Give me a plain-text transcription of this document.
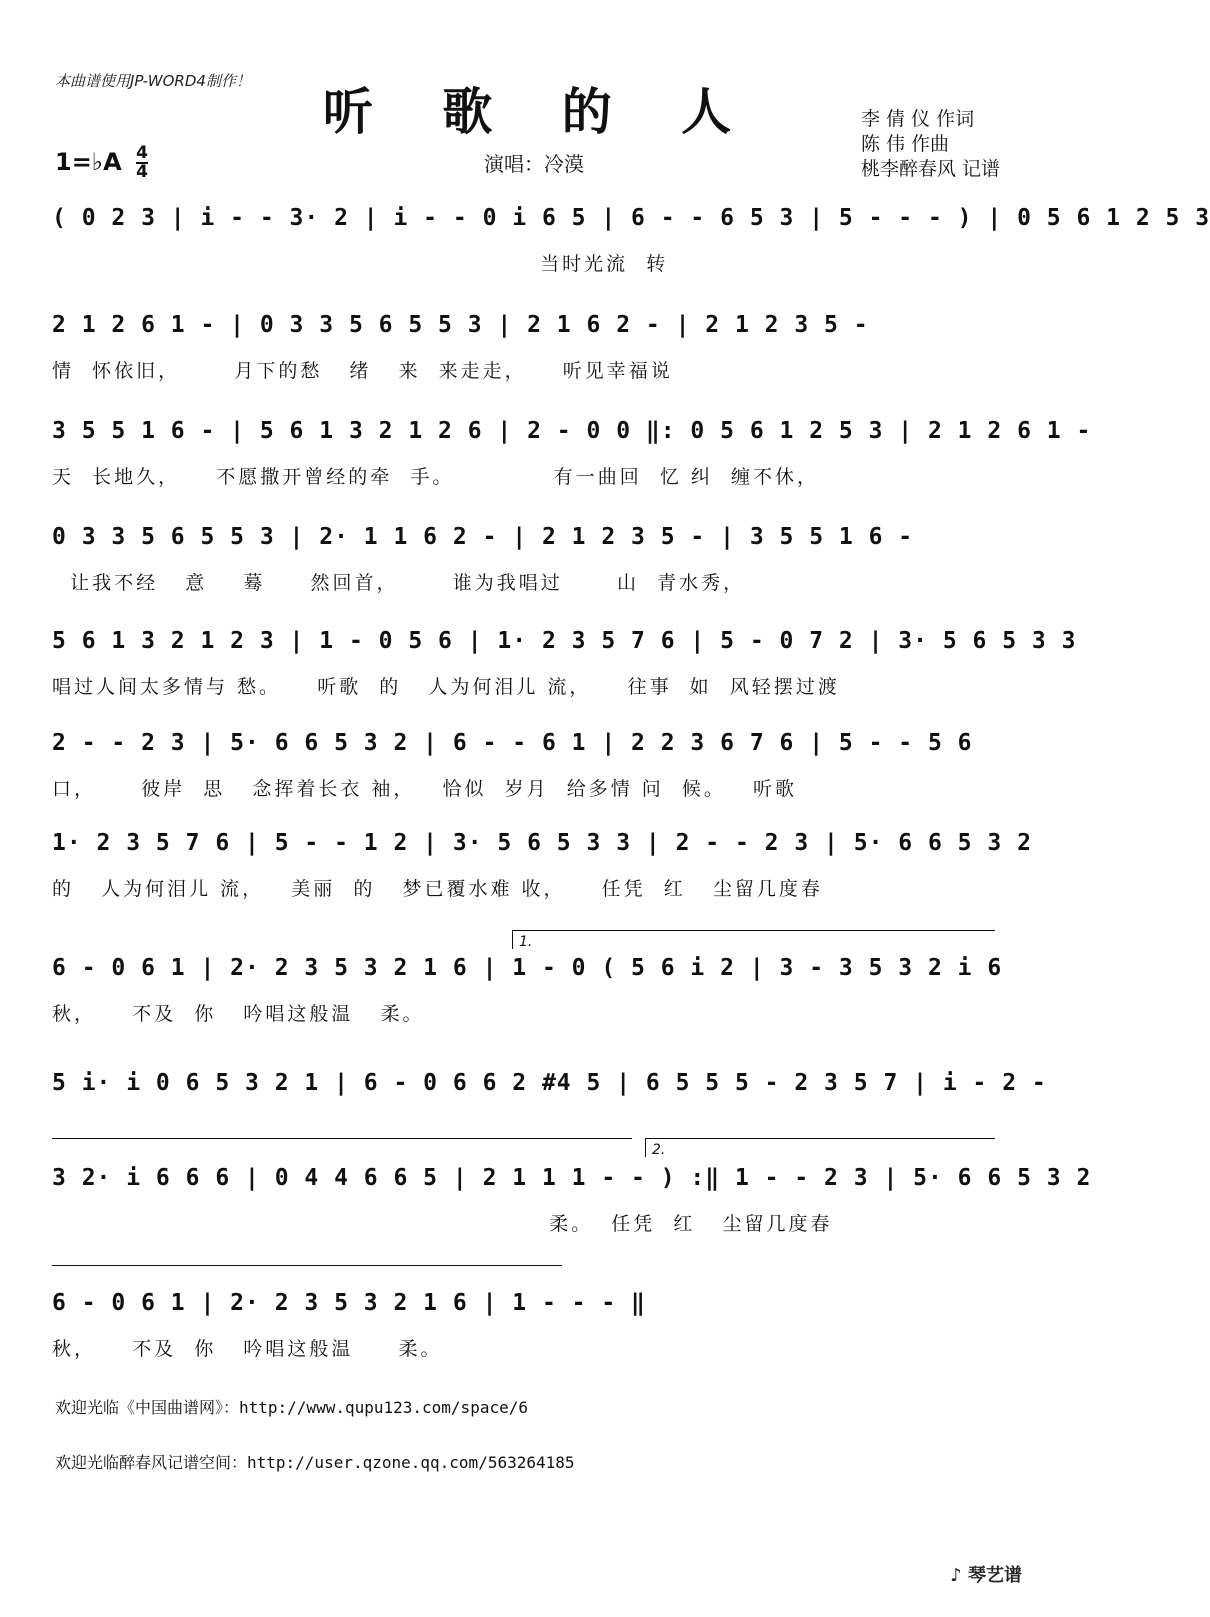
本曲谱使用JP-WORD4制作！
听 歌 的 人	李 倩 仪 作词
陈 伟 作曲
桃李醉春风 记谱
1=♭A $\frac{4}{4}$	演唱：冷漠
( 0 2 3 | i - - 3· 2 | i - - 0 i 6 5 | 6 - - 6 5 3 | 5 - - - ) | 0 5 6 1 2 5 3
当时光流  转
2 1 2 6 1 - | 0 3 3 5 6 5 5 3 | 2 1 6 2 - | 2 1 2 3 5 -
情  怀依旧，      月下的愁   绪   来  来走走，    听见幸福说
3 5 5 1 6 - | 5 6 1 3 2 1 2 6 | 2 - 0 0 ‖: 0 5 6 1 2 5 3 | 2 1 2 6 1 -
天  长地久，    不愿撒开曾经的牵  手。           有一曲回  忆 纠  缠不休，
0 3 3 5 6 5 5 3 | 2· 1 1 6 2 - | 2 1 2 3 5 - | 3 5 5 1 6 -
让我不经   意    蓦     然回首，      谁为我唱过      山  青水秀，
5 6 1 3 2 1 2 3 | 1 - 0 5 6 | 1· 2 3 5 7 6 | 5 - 0 7 2 | 3· 5 6 5 3 3
唱过人间太多情与 愁。    听歌  的   人为何泪儿 流，    往事  如  风轻摆过渡
2 - - 2 3 | 5· 6 6 5 3 2 | 6 - - 6 1 | 2 2 3 6 7 6 | 5 - - 5 6
口，     彼岸  思   念挥着长衣 袖，   恰似  岁月  给多情 问  候。   听歌
1· 2 3 5 7 6 | 5 - - 1 2 | 3· 5 6 5 3 3 | 2 - - 2 3 | 5· 6 6 5 3 2
的   人为何泪儿 流，   美丽  的   梦已覆水难 收，    任凭  红   尘留几度春
1.
6 - 0 6 1 | 2· 2 3 5 3 2 1 6 | 1 - 0 ( 5 6 i 2 | 3 - 3 5 3 2 i 6
秋，    不及  你   吟唱这般温   柔。
5 i· i 0 6 5 3 2 1 | 6 - 0 6 6 2 #4 5 | 6 5 5 5 - 2 3 5 7 | i - 2 -
2.
3 2· i 6 6 6 | 0 4 4 6 6 5 | 2 1 1 1 - - ) :‖ 1 - - 2 3 | 5· 6 6 5 3 2
柔。  任凭  红   尘留几度春
6 - 0 6 1 | 2· 2 3 5 3 2 1 6 | 1 - - - ‖
秋，    不及  你   吟唱这般温     柔。
欢迎光临《中国曲谱网》：http://www.qupu123.com/space/6
欢迎光临醉春风记谱空间：http://user.qzone.qq.com/563264185
♪ 琴艺谱
